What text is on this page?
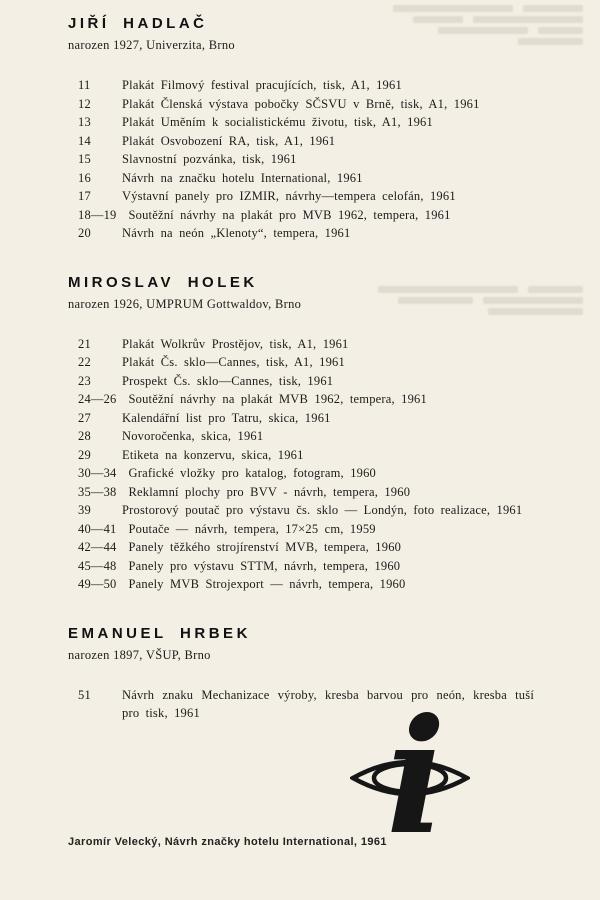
JIŘÍ HADLAČ

narozen 1927, Univerzita, Brno

11	Plakát Filmový festival pracujících, tisk, A1, 1961
12	Plakát Členská výstava pobočky SČSVU v Brně, tisk, A1, 1961
13	Plakát Uměním k socialistickému životu, tisk, A1, 1961
14	Plakát Osvobození RA, tisk, A1, 1961
15	Slavnostní pozvánka, tisk, 1961
16	Návrh na značku hotelu International, 1961
17	Výstavní panely pro IZMIR, návrhy—tempera celofán, 1961
18—19 Soutěžní návrhy na plakát pro MVB 1962, tempera, 1961
20	Návrh na neón „Klenoty“, tempera, 1961
MIROSLAV HOLEK

narozen 1926, UMPRUM Gottwaldov, Brno

21	Plakát Wolkrův Prostějov, tisk, A1, 1961
22	Plakát Čs. sklo—Cannes, tisk, A1, 1961
23	Prospekt Čs. sklo—Cannes, tisk, 1961
24—26 Soutěžní návrhy na plakát MVB 1962, tempera, 1961
27	Kalendářní list pro Tatru, skica, 1961
28	Novoročenka, skica, 1961
29	Etiketa na konzervu, skica, 1961
30—34 Grafické vložky pro katalog, fotogram, 1960
35—38 Reklamní plochy pro BVV - návrh, tempera, 1960
39	Prostorový poutač pro výstavu čs. sklo — Londýn, foto realizace, 1961
40—41 Poutače — návrh, tempera, 17×25 cm, 1959
42—44 Panely těžkého strojírenství MVB, tempera, 1960
45—48 Panely pro výstavu STTM, návrh, tempera, 1960
49—50 Panely MVB Strojexport — návrh, tempera, 1960
EMANUEL HRBEK

narozen 1897, VŠUP, Brno

51	Návrh znaku Mechanizace výroby, kresba barvou pro neón, kresba tuší pro tisk, 1961	i
Jaromír Velecký, Návrh značky hotelu International, 1961
